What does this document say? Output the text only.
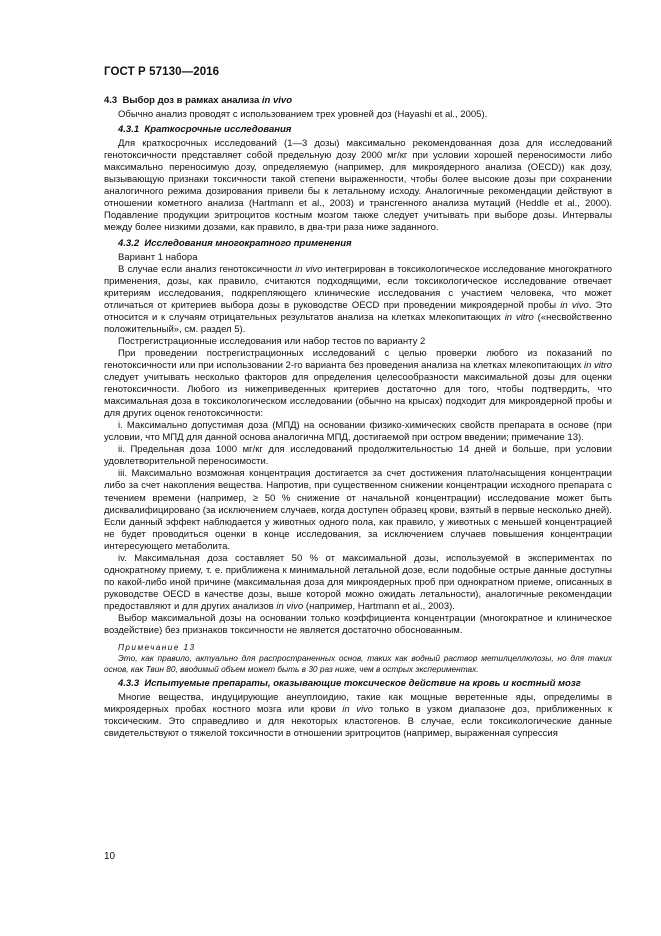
ГОСТ Р 57130—2016

4.3 Выбор доз в рамках анализа in vivo

Обычно анализ проводят с использованием трех уровней доз (Hayashi et al., 2005).

4.3.1 Краткосрочные исследования

Для краткосрочных исследований (1—3 дозы) максимально рекомендованная доза для исследований генотоксичности представляет собой предельную дозу 2000 мг/кг при условии хорошей переносимости либо максимально переносимую дозу, определяемую (например, для микроядерного анализа (OECD)) как дозу, вызывающую признаки токсичности такой степени выраженности, чтобы более высокие дозы при сохранении аналогичного режима дозирования привели бы к летальному исходу. Аналогичные рекомендации действуют в отношении кометного анализа (Hartmann et al., 2003) и трансгенного анализа мутаций (Heddle et al., 2000). Подавление продукции эритроцитов костным мозгом также следует учитывать при выборе дозы. Интервалы между более низкими дозами, как правило, в два-три раза ниже заданного.

4.3.2 Исследования многократного применения

Вариант 1 набора

В случае если анализ генотоксичности in vivo интегрирован в токсикологическое исследование многократного применения, дозы, как правило, считаются подходящими, если токсикологическое исследование отвечает критериям исследования, подкрепляющего клинические исследования с участием человека, что может отличаться от критериев выбора дозы в руководстве OECD при проведении микроядерной пробы in vivo. Это относится и к случаям отрицательных результатов анализа на клетках млекопитающих in vitro («несвойственно положительный», см. раздел 5).

Пострегистрационные исследования или набор тестов по варианту 2

При проведении пострегистрационных исследований с целью проверки любого из показаний по генотоксичности или при использовании 2-го варианта без проведения анализа на клетках млекопитающих in vitro следует учитывать несколько факторов для определения целесообразности максимальной дозы для оценки генотоксичности. Любого из нижеприведенных критериев достаточно для того, чтобы подтвердить, что максимальная доза в токсикологическом исследовании (обычно на крысах) подходит для микроядерной пробы и для других оценок генотоксичности:

i. Максимально допустимая доза (МПД) на основании физико-химических свойств препарата в основе (при условии, что МПД для данной основа аналогична МПД, достигаемой при остром введении; примечание 13).

ii. Предельная доза 1000 мг/кг для исследований продолжительностью 14 дней и больше, при условии удовлетворительной переносимости.

iii. Максимально возможная концентрация достигается за счет достижения плато/насыщения концентрации либо за счет накопления вещества. Напротив, при существенном снижении концентрации исходного препарата с течением времени (например, ≥ 50 % снижение от начальной концентрации) исследование может быть дисквалифицировано (за исключением случаев, когда доступен образец крови, взятый в первые несколько дней). Если данный эффект наблюдается у животных одного пола, как правило, у животных с меньшей концентрацией не будет проводиться оценки в конце исследования, за исключением случаев повышения концентрации интересующего метаболита.

iv. Максимальная доза составляет 50 % от максимальной дозы, используемой в экспериментах по однократному приему, т. е. приближена к минимальной летальной дозе, если подобные острые данные доступны по какой-либо иной причине (максимальная доза для микроядерных проб при однократном приеме, описанных в руководстве OECD в качестве дозы, выше которой можно ожидать летальности), аналогичные рекомендации предоставляют и для других анализов in vivo (например, Hartmann et al., 2003).

Выбор максимальной дозы на основании только коэффициента концентрации (многократное и клиническое воздействие) без признаков токсичности не является достаточно обоснованным.

Примечание 13

Это, как правило, актуально для распространенных основ, таких как водный раствор метилцеллюлозы, но для таких основ, как Твин 80, вводимый объем может быть в 30 раз ниже, чем в острых экспериментах.

4.3.3 Испытуемые препараты, оказывающие токсическое действие на кровь и костный мозг

Многие вещества, индуцирующие анеуплоидию, такие как мощные веретенные яды, определимы в микроядерных пробах костного мозга или крови in vivo только в узком диапазоне доз, приближенных к токсическим. Это справедливо и для некоторых кластогенов. В случае, если токсикологические данные свидетельствуют о тяжелой токсичности в отношении эритроцитов (например, выраженная супрессия

10
